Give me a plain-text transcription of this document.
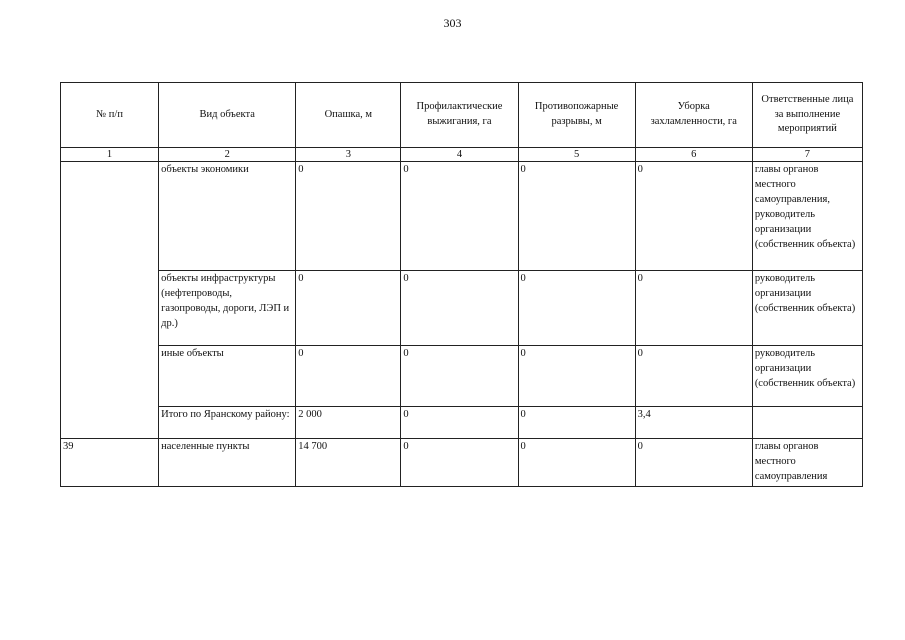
303
№ п/п	Вид объекта	Опашка, м	Профилактические выжигания, га	Противопожарные разрывы, м	Уборка захламленности, га	Ответственные лица за выполнение мероприятий
1	2	3	4	5	6	7
	объекты экономики	0	0	0	0	главы органов местного самоуправления, руководитель организации (собственник объекта)
	объекты инфраструктуры (нефтепроводы, газопроводы, дороги, ЛЭП и др.)	0	0	0	0	руководитель организации (собственник объекта)
	иные объекты	0	0	0	0	руководитель организации (собственник объекта)
	Итого по Яранскому району:	2 000	0	0	3,4	
39	населенные пункты	14 700	0	0	0	главы органов местного самоуправления
